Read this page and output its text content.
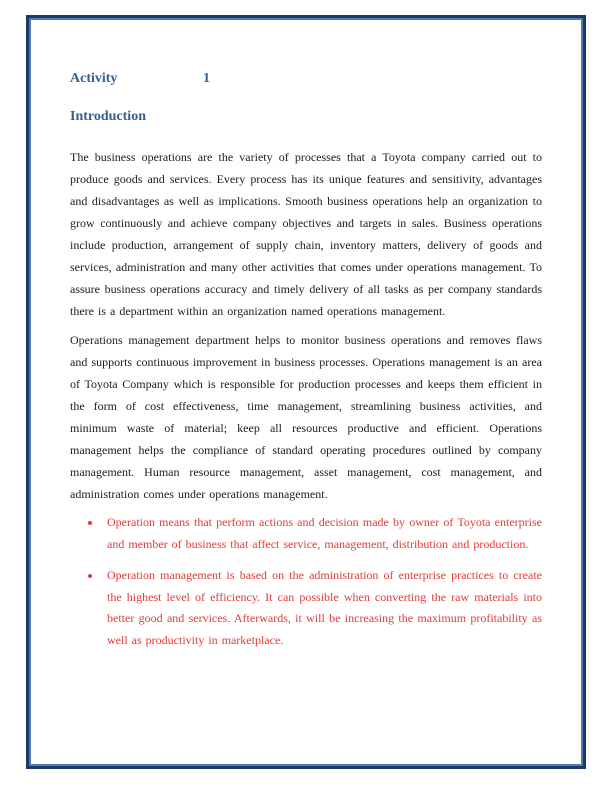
Activity	1
Introduction

The business operations are the variety of processes that a Toyota company carried out to produce goods and services. Every process has its unique features and sensitivity, advantages and disadvantages as well as implications. Smooth business operations help an organization to grow continuously and achieve company objectives and targets in sales. Business operations include production, arrangement of supply chain, inventory matters, delivery of goods and services, administration and many other activities that comes under operations management. To assure business operations accuracy and timely delivery of all tasks as per company standards there is a department within an organization named operations management.

Operations management department helps to monitor business operations and removes flaws and supports continuous improvement in business processes. Operations management is an area of Toyota Company which is responsible for production processes and keeps them efficient in the form of cost effectiveness, time management, streamlining business activities, and minimum waste of material; keep all resources productive and efficient. Operations management helps the compliance of standard operating procedures outlined by company management. Human resource management, asset management, cost management, and administration comes under operations management.

• Operation means that perform actions and decision made by owner of Toyota enterprise and member of business that affect service, management, distribution and production.
• Operation management is based on the administration of enterprise practices to create the highest level of efficiency. It can possible when converting the raw materials into better good and services. Afterwards, it will be increasing the maximum profitability as well as productivity in marketplace.
